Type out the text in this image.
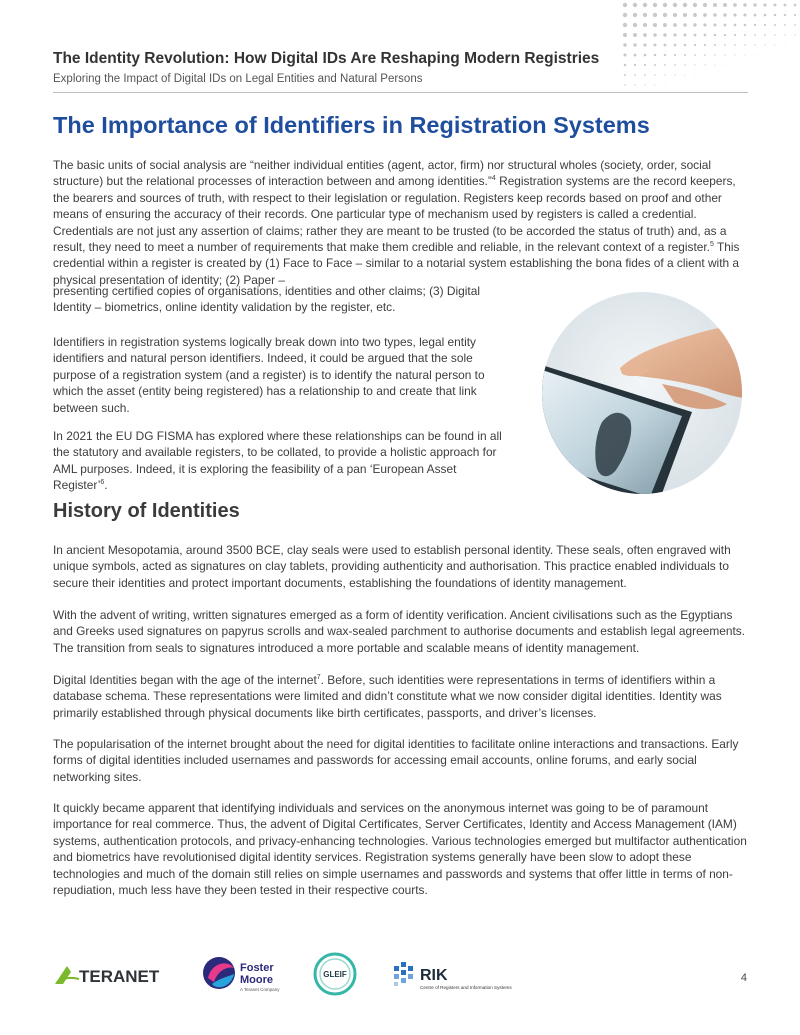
The Identity Revolution: How Digital IDs Are Reshaping Modern Registries
Exploring the Impact of Digital IDs on Legal Entities and Natural Persons
The Importance of Identifiers in Registration Systems

The basic units of social analysis are “neither individual entities (agent, actor, firm) nor structural wholes (society, order, social structure) but the relational processes of interaction between and among identities.”$^4$ Registration systems are the record keepers, the bearers and sources of truth, with respect to their legislation or regulation. Registers keep records based on proof and other means of ensuring the accuracy of their records. One particular type of mechanism used by registers is called a credential. Credentials are not just any assertion of claims; rather they are meant to be trusted (to be accorded the status of truth) and, as a result, they need to meet a number of requirements that make them credible and reliable, in the relevant context of a register.$^5$ This credential within a register is created by (1) Face to Face – similar to a notarial system establishing the bona fides of a client with a physical presentation of identity; (2) Paper –

presenting certified copies of organisations, identities and other claims; (3) Digital Identity – biometrics, online identity validation by the register, etc.

Identifiers in registration systems logically break down into two types, legal entity identifiers and natural person identifiers. Indeed, it could be argued that the sole purpose of a registration system (and a register) is to identify the natural person to which the asset (entity being registered) has a relationship to and create that link between such.

In 2021 the EU DG FISMA has explored where these relationships can be found in all the statutory and available registers, to be collated, to provide a holistic approach for AML purposes. Indeed, it is exploring the feasibility of a pan ‘European Asset Register’$^6$.

History of Identities

In ancient Mesopotamia, around 3500 BCE, clay seals were used to establish personal identity. These seals, often engraved with unique symbols, acted as signatures on clay tablets, providing authenticity and authorisation. This practice enabled individuals to secure their identities and protect important documents, establishing the foundations of identity management.

With the advent of writing, written signatures emerged as a form of identity verification. Ancient civilisations such as the Egyptians and Greeks used signatures on papyrus scrolls and wax-sealed parchment to authorise documents and establish legal agreements. The transition from seals to signatures introduced a more portable and scalable means of identity management.

Digital Identities began with the age of the internet$^7$. Before, such identities were representations in terms of identifiers within a database schema. These representations were limited and didn’t constitute what we now consider digital identities. Identity was primarily established through physical documents like birth certificates, passports, and driver’s licenses.

The popularisation of the internet brought about the need for digital identities to facilitate online interactions and transactions. Early forms of digital identities included usernames and passwords for accessing email accounts, online forums, and early social networking sites.

It quickly became apparent that identifying individuals and services on the anonymous internet was going to be of paramount importance for real commerce. Thus, the advent of Digital Certificates, Server Certificates, Identity and Access Management (IAM) systems, authentication protocols, and privacy-enhancing technologies. Various technologies emerged but multifactor authentication and biometrics have revolutionised digital identity services. Registration systems generally have been slow to adopt these technologies and much of the domain still relies on simple usernames and passwords and systems that offer little in terms of non-repudiation, much less have they been tested in their respective courts.

TERANET	Foster
Moore
A Teranet Company
GLEIF	RIK
Centre of Registers and Information Systems
4
